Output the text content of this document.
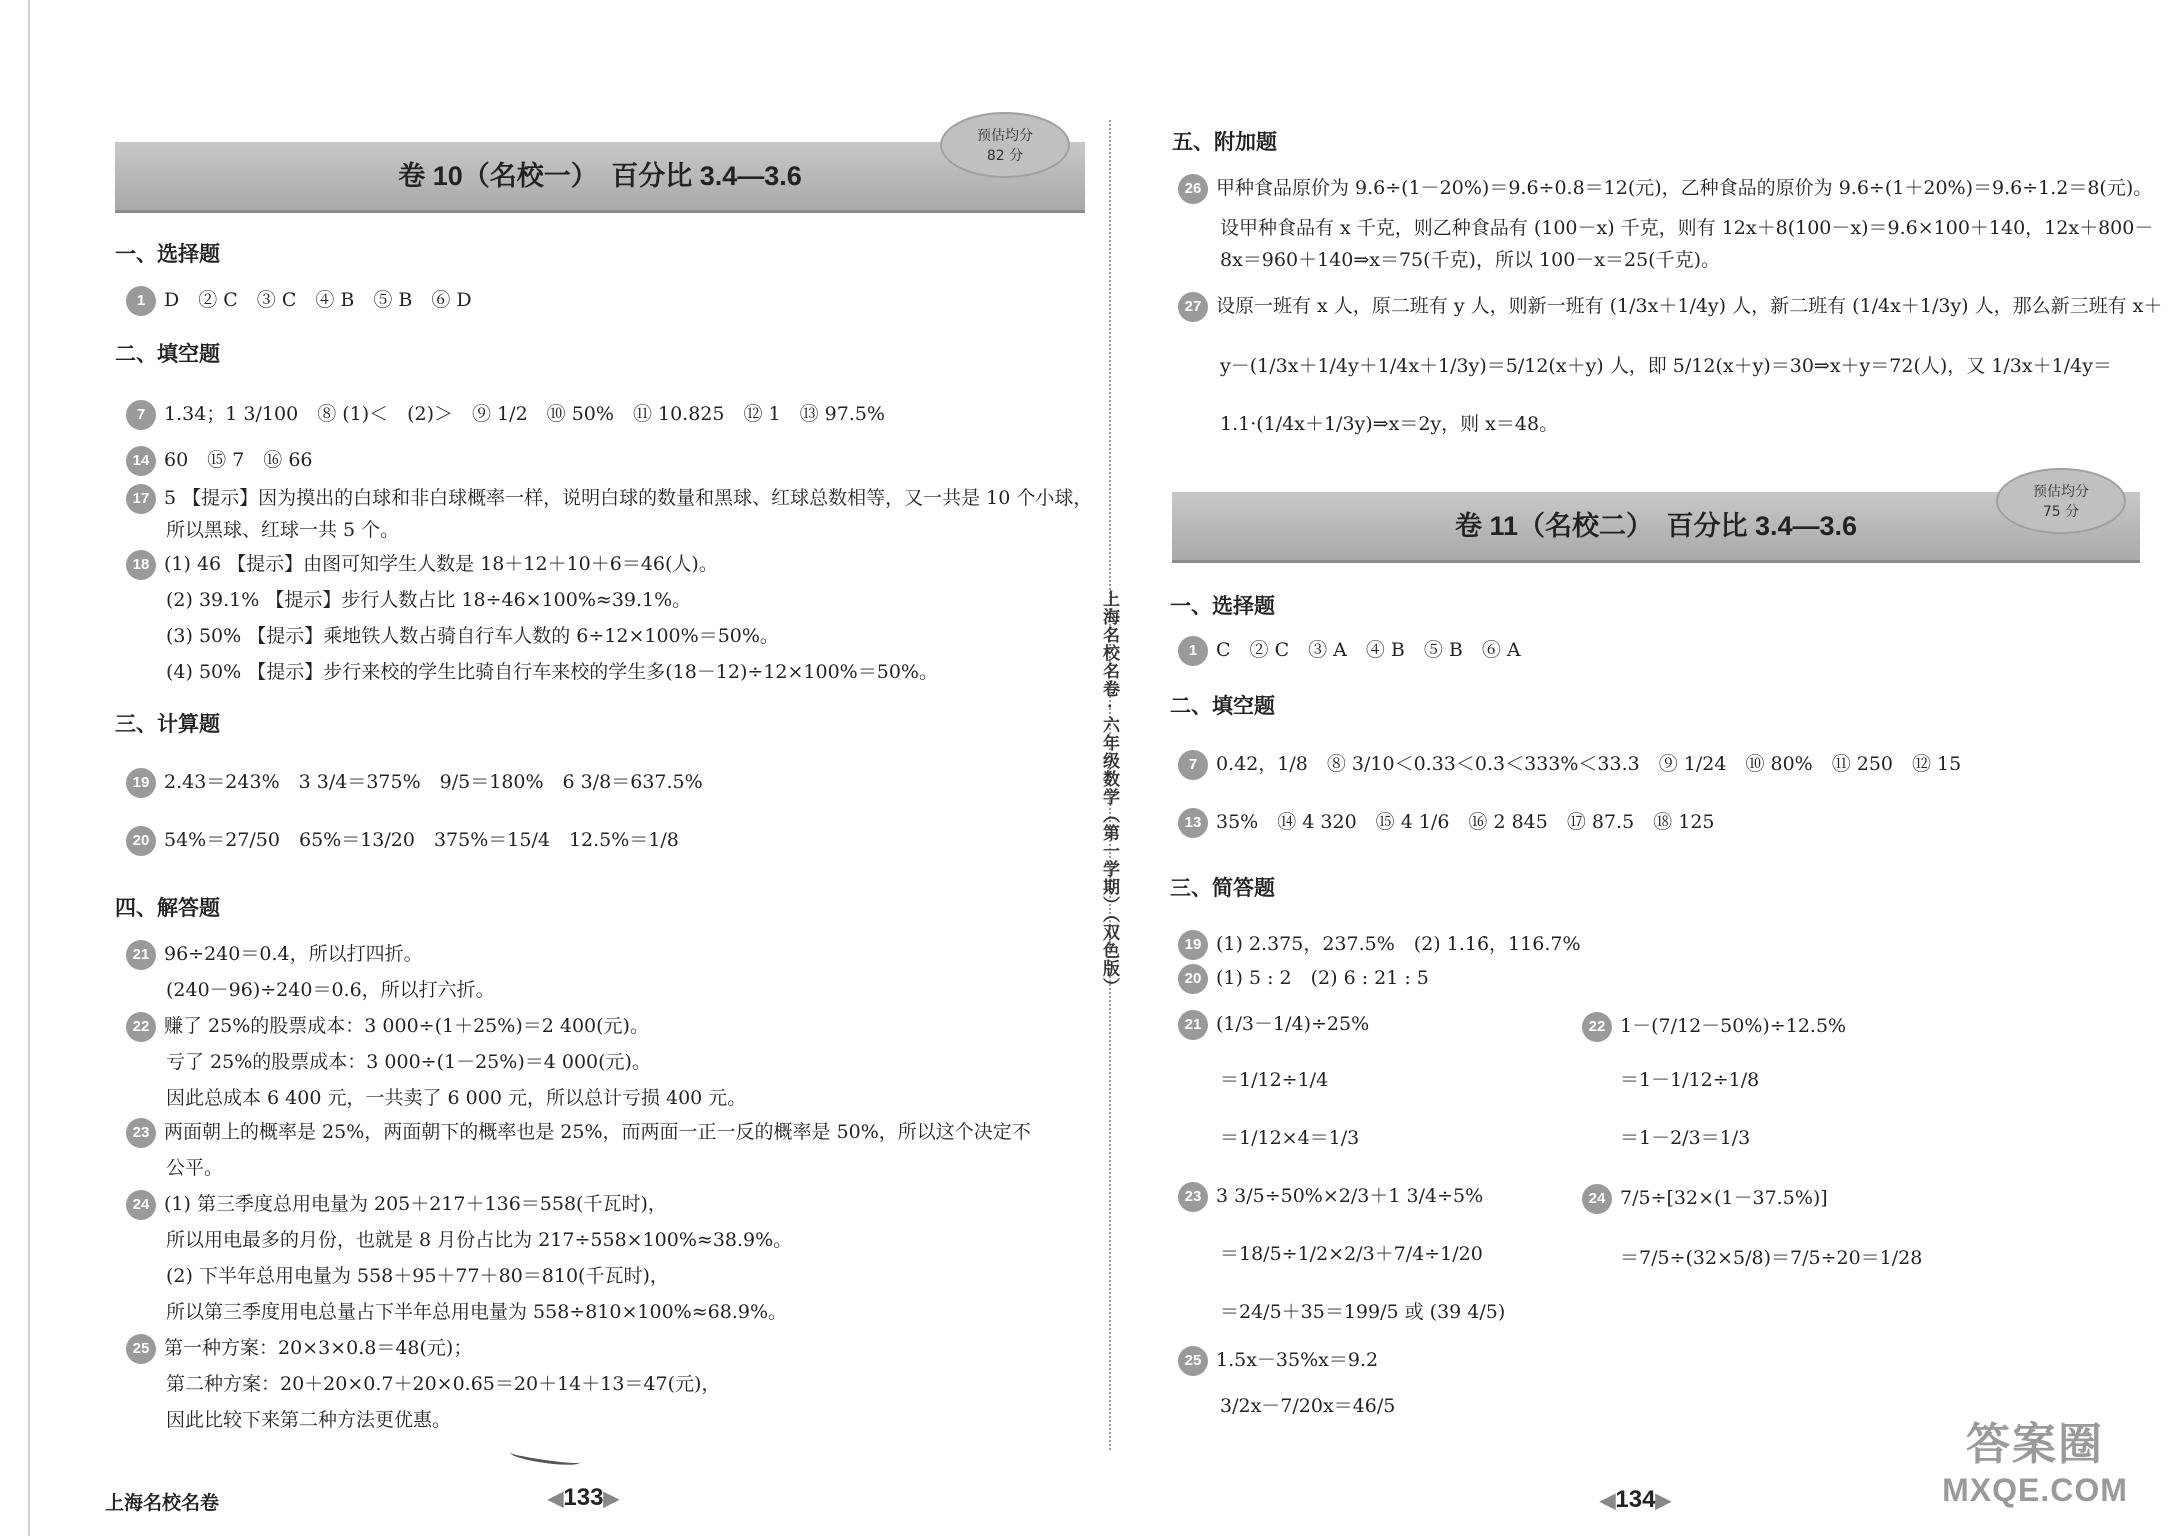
卷 10（名校一）　百分比 3.4—3.6
预估均分
82 分
一、选择题
1 D　② C　③ C　④ B　⑤ B　⑥ D
二、填空题
7 1.34；1 3/100　⑧ (1)＜　(2)＞　⑨ 1/2　⑩ 50%　⑪ 10.825　⑫ 1　⑬ 97.5%
14 60　⑮ 7　⑯ 66
17 5 【提示】因为摸出的白球和非白球概率一样，说明白球的数量和黑球、红球总数相等，又一共是 10 个小球，
所以黑球、红球一共 5 个。
18 (1) 46 【提示】由图可知学生人数是 18＋12＋10＋6＝46(人)。
(2) 39.1% 【提示】步行人数占比 18÷46×100%≈39.1%。
(3) 50% 【提示】乘地铁人数占骑自行车人数的 6÷12×100%＝50%。
(4) 50% 【提示】步行来校的学生比骑自行车来校的学生多(18－12)÷12×100%＝50%。
三、计算题
19 2.43＝243%　3 3/4＝375%　9/5＝180%　6 3/8＝637.5%
20 54%＝27/50　65%＝13/20　375%＝15/4　12.5%＝1/8
四、解答题
21 96÷240＝0.4，所以打四折。
(240－96)÷240＝0.6，所以打六折。
22 赚了 25%的股票成本：3 000÷(1＋25%)＝2 400(元)。
亏了 25%的股票成本：3 000÷(1－25%)＝4 000(元)。
因此总成本 6 400 元，一共卖了 6 000 元，所以总计亏损 400 元。
23 两面朝上的概率是 25%，两面朝下的概率也是 25%，而两面一正一反的概率是 50%，所以这个决定不
公平。
24 (1) 第三季度总用电量为 205＋217＋136＝558(千瓦时)，
所以用电最多的月份，也就是 8 月份占比为 217÷558×100%≈38.9%。
(2) 下半年总用电量为 558＋95＋77＋80＝810(千瓦时)，
所以第三季度用电总量占下半年总用电量为 558÷810×100%≈68.9%。
25 第一种方案：20×3×0.8＝48(元)；
第二种方案：20＋20×0.7＋20×0.65＝20＋14＋13＝47(元)，
因此比较下来第二种方法更优惠。
上海名校名卷	◀133▶
上海名校名卷 · 六年级数学（第一学期）（双色版）
五、附加题
26 甲种食品原价为 9.6÷(1－20%)＝9.6÷0.8＝12(元)，乙种食品的原价为 9.6÷(1＋20%)＝9.6÷1.2＝8(元)。
设甲种食品有 x 千克，则乙种食品有 (100－x) 千克，则有 12x＋8(100－x)＝9.6×100＋140，12x＋800－
8x＝960＋140⇒x＝75(千克)，所以 100－x＝25(千克)。
27 设原一班有 x 人，原二班有 y 人，则新一班有 (1/3x＋1/4y) 人，新二班有 (1/4x＋1/3y) 人，那么新三班有 x＋
y－(1/3x＋1/4y＋1/4x＋1/3y)＝5/12(x＋y) 人，即 5/12(x＋y)＝30⇒x＋y＝72(人)，又 1/3x＋1/4y＝
1.1·(1/4x＋1/3y)⇒x＝2y，则 x＝48。
卷 11（名校二）　百分比 3.4—3.6
预估均分
75 分
一、选择题
1 C　② C　③ A　④ B　⑤ B　⑥ A
二、填空题
7 0.42，1/8　⑧ 3/10＜0.33＜0.3̇＜333%＜33.3　⑨ 1/24　⑩ 80%　⑪ 250　⑫ 15
13 35%　⑭ 4 320　⑮ 4 1/6　⑯ 2 845　⑰ 87.5　⑱ 125
三、简答题
19 (1) 2.375，237.5%　(2) 1.16̇，116.7%
20 (1) 5 : 2　(2) 6 : 21 : 5
21 (1/3－1/4)÷25%
＝1/12÷1/4
＝1/12×4＝1/3
22 1－(7/12－50%)÷12.5%
＝1－1/12÷1/8
＝1－2/3＝1/3
23 3 3/5÷50%×2/3＋1 3/4÷5%
＝18/5÷1/2×2/3＋7/4÷1/20
＝24/5＋35＝199/5 或 (39 4/5)
24 7/5÷[32×(1－37.5%)]
＝7/5÷(32×5/8)＝7/5÷20＝1/28
25 1.5x－35%x＝9.2
3/2x－7/20x＝46/5
◀134▶
答案圈
MXQE.COM
